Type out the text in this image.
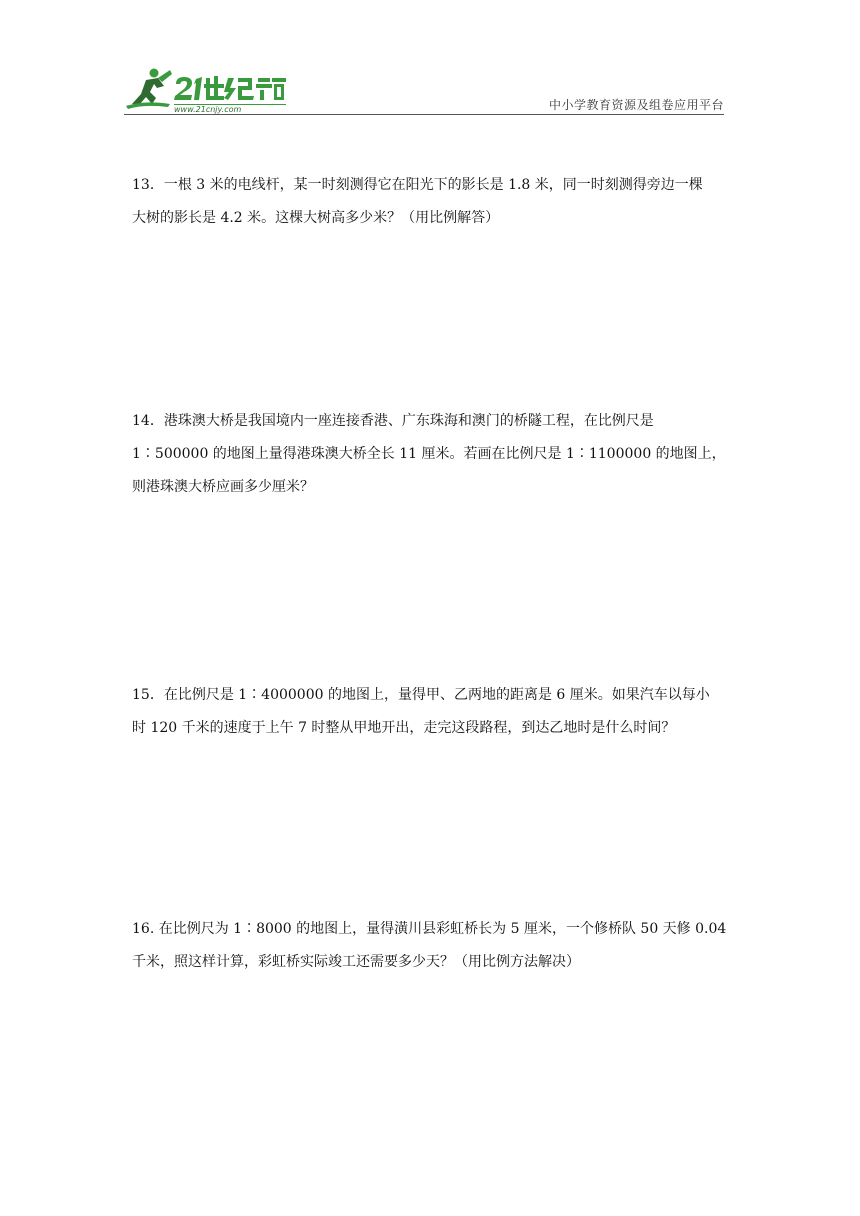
www.21cnjy.com	中小学教育资源及组卷应用平台
13．一根 3 米的电线杆，某一时刻测得它在阳光下的影长是 1.8 米，同一时刻测得旁边一棵
大树的影长是 4.2 米。这棵大树高多少米？（用比例解答）
14．港珠澳大桥是我国境内一座连接香港、广东珠海和澳门的桥隧工程，在比例尺是
1∶500000 的地图上量得港珠澳大桥全长 11 厘米。若画在比例尺是 1∶1100000 的地图上，
则港珠澳大桥应画多少厘米？
15．在比例尺是 1∶4000000 的地图上，量得甲、乙两地的距离是 6 厘米。如果汽车以每小
时 120 千米的速度于上午 7 时整从甲地开出，走完这段路程，到达乙地时是什么时间？
16. 在比例尺为 1∶8000 的地图上，量得潢川县彩虹桥长为 5 厘米，一个修桥队 50 天修 0.04
千米，照这样计算，彩虹桥实际竣工还需要多少天？（用比例方法解决）
